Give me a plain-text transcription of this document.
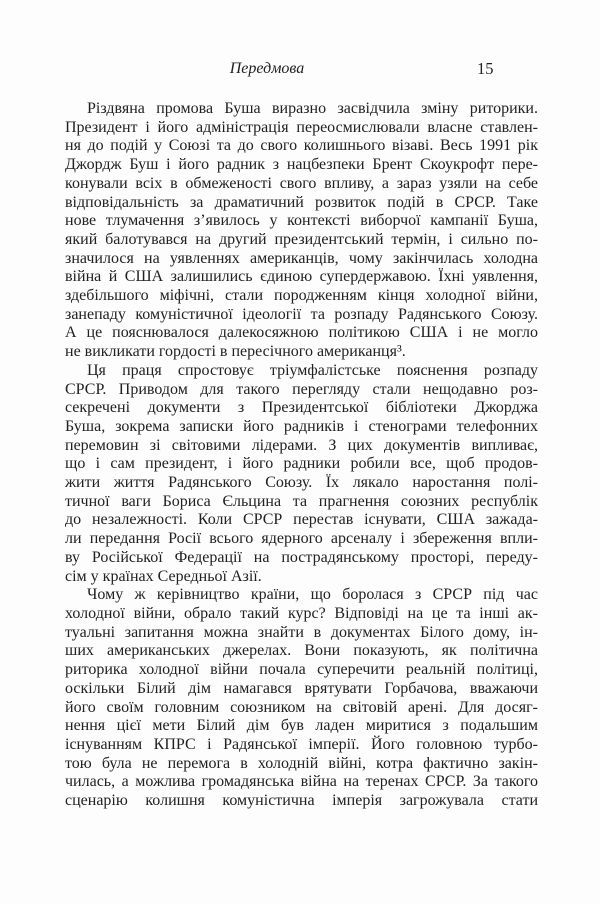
Передмова	15
Різдвяна промова Буша виразно засвідчила зміну риторики.
Президент і його адміністрація переосмислювали власне ставлен-
ня до подій у Союзі та до свого колишнього візаві. Весь 1991 рік
Джордж Буш і його радник з нацбезпеки Брент Скоукрофт пере-
конували всіх в обмеженості свого впливу, а зараз узяли на себе
відповідальність за драматичний розвиток подій в СРСР. Таке
нове тлумачення з’явилось у контексті виборчої кампанії Буша,
який балотувався на другий президентський термін, і сильно по-
значилося на уявленнях американців, чому закінчилась холодна
війна й США залишились єдиною супердержавою. Їхні уявлення,
здебільшого міфічні, стали породженням кінця холодної війни,
занепаду комуністичної ідеології та розпаду Радянського Союзу.
А це пояснювалося далекосяжною політикою США і не могло
не викликати гордості в пересічного американця³.
Ця праця спростовує тріумфалістське пояснення розпаду
СРСР. Приводом для такого перегляду стали нещодавно роз-
секречені документи з Президентської бібліотеки Джорджа
Буша, зокрема записки його радників і стенограми телефонних
перемовин зі світовими лідерами. З цих документів випливає,
що і сам президент, і його радники робили все, щоб продов-
жити життя Радянського Союзу. Їх лякало наростання полі-
тичної ваги Бориса Єльцина та прагнення союзних республік
до незалежності. Коли СРСР перестав існувати, США зажада-
ли передання Росії всього ядерного арсеналу і збереження впли-
ву Російської Федерації на пострадянському просторі, переду-
сім у країнах Середньої Азії.
Чому ж керівництво країни, що боролася з СРСР під час
холодної війни, обрало такий курс? Відповіді на це та інші ак-
туальні запитання можна знайти в документах Білого дому, ін-
ших американських джерелах. Вони показують, як політична
риторика холодної війни почала суперечити реальній політиці,
оскільки Білий дім намагався врятувати Горбачова, вважаючи
його своїм головним союзником на світовій арені. Для досяг-
нення цієї мети Білий дім був ладен миритися з подальшим
існуванням КПРС і Радянської імперії. Його головною турбо-
тою була не перемога в холодній війні, котра фактично закін-
чилась, а можлива громадянська війна на теренах СРСР. За такого
сценарію колишня комуністична імперія загрожувала стати
